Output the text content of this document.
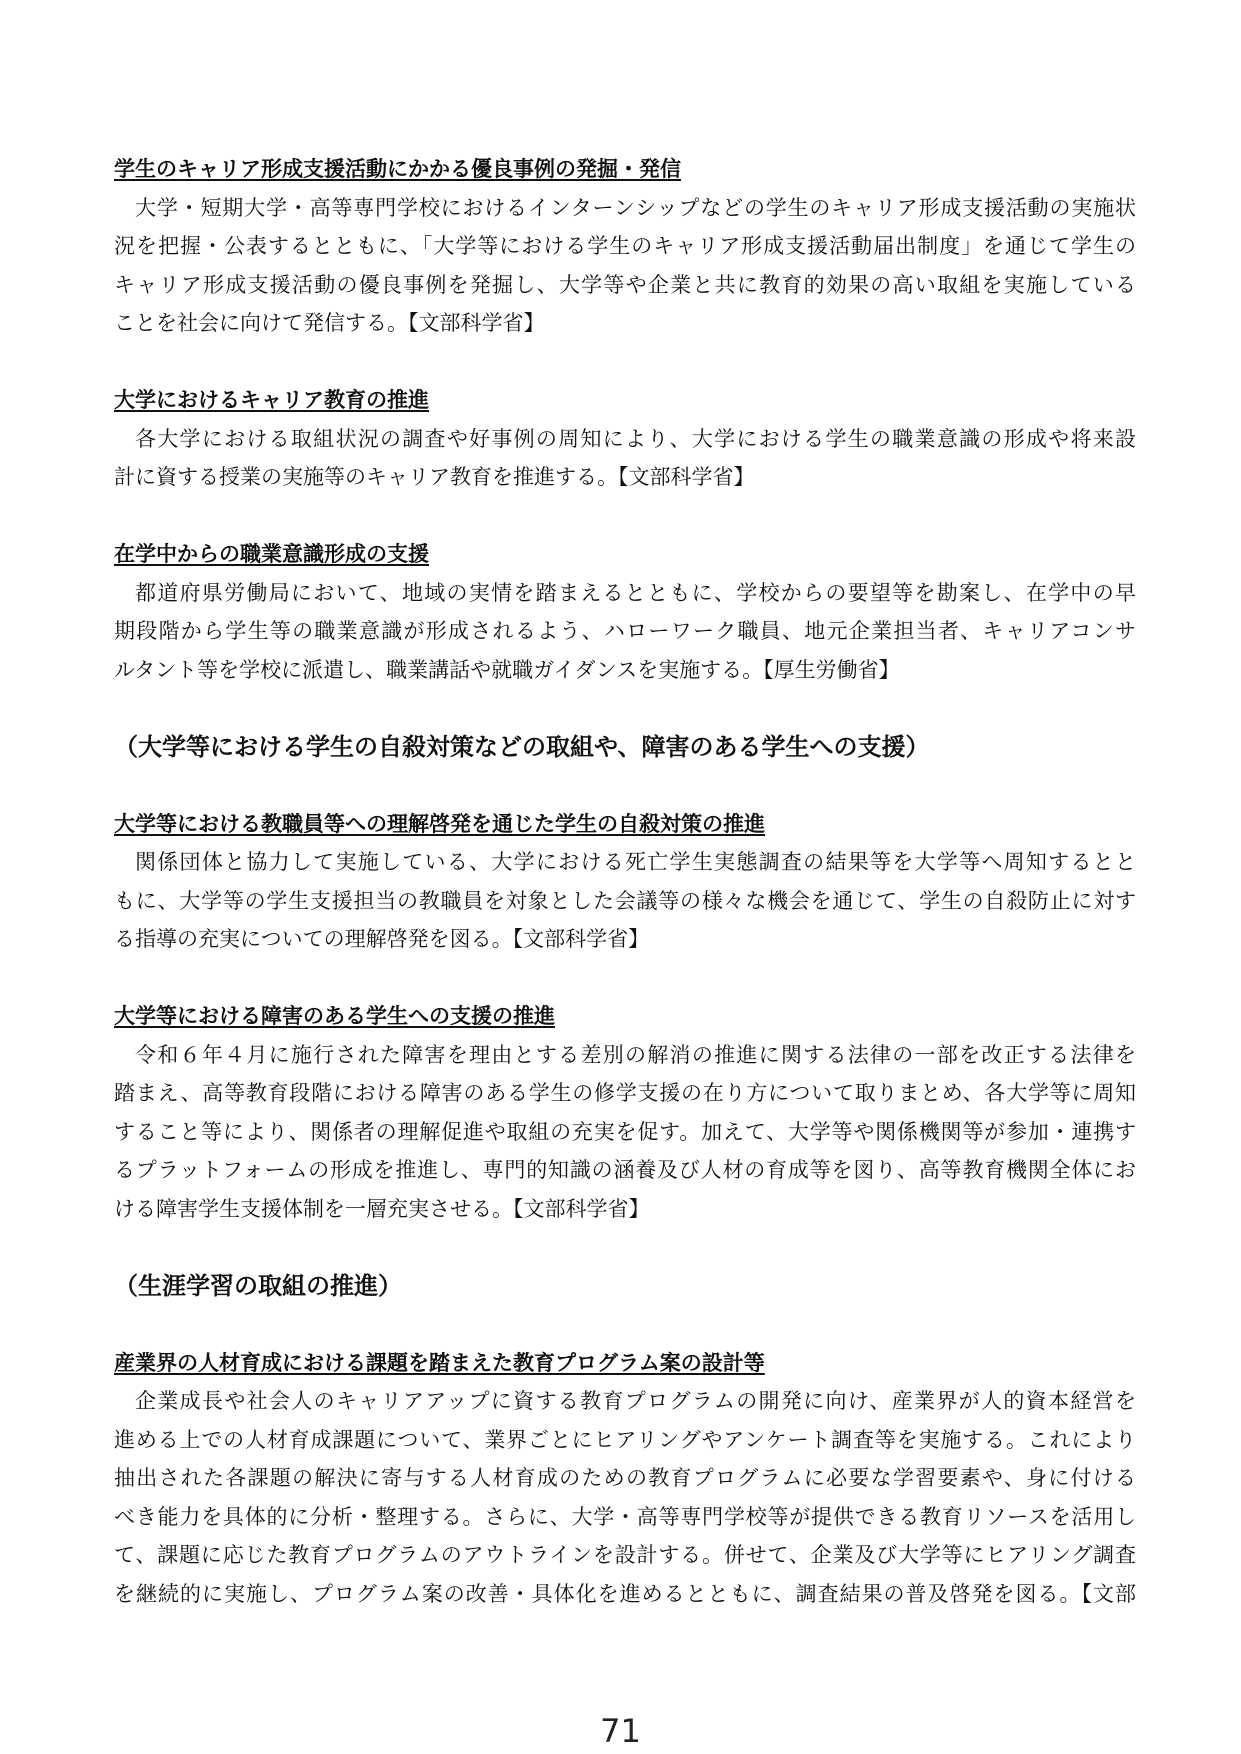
学生のキャリア形成支援活動にかかる優良事例の発掘・発信
大学・短期大学・高等専門学校におけるインターンシップなどの学生のキャリア形成支援活動の実施状
況を把握・公表するとともに、「大学等における学生のキャリア形成支援活動届出制度」を通じて学生の
キャリア形成支援活動の優良事例を発掘し、大学等や企業と共に教育的効果の高い取組を実施している
ことを社会に向けて発信する。【文部科学省】
大学におけるキャリア教育の推進
各大学における取組状況の調査や好事例の周知により、大学における学生の職業意識の形成や将来設
計に資する授業の実施等のキャリア教育を推進する。【文部科学省】
在学中からの職業意識形成の支援
都道府県労働局において、地域の実情を踏まえるとともに、学校からの要望等を勘案し、在学中の早
期段階から学生等の職業意識が形成されるよう、ハローワーク職員、地元企業担当者、キャリアコンサ
ルタント等を学校に派遣し、職業講話や就職ガイダンスを実施する。【厚生労働省】
（大学等における学生の自殺対策などの取組や、障害のある学生への支援）
大学等における教職員等への理解啓発を通じた学生の自殺対策の推進
関係団体と協力して実施している、大学における死亡学生実態調査の結果等を大学等へ周知するとと
もに、大学等の学生支援担当の教職員を対象とした会議等の様々な機会を通じて、学生の自殺防止に対す
る指導の充実についての理解啓発を図る。【文部科学省】
大学等における障害のある学生への支援の推進
令和６年４月に施行された障害を理由とする差別の解消の推進に関する法律の一部を改正する法律を
踏まえ、高等教育段階における障害のある学生の修学支援の在り方について取りまとめ、各大学等に周知
すること等により、関係者の理解促進や取組の充実を促す。加えて、大学等や関係機関等が参加・連携す
るプラットフォームの形成を推進し、専門的知識の涵養及び人材の育成等を図り、高等教育機関全体にお
ける障害学生支援体制を一層充実させる。【文部科学省】
（生涯学習の取組の推進）
産業界の人材育成における課題を踏まえた教育プログラム案の設計等
企業成長や社会人のキャリアアップに資する教育プログラムの開発に向け、産業界が人的資本経営を
進める上での人材育成課題について、業界ごとにヒアリングやアンケート調査等を実施する。これにより
抽出された各課題の解決に寄与する人材育成のための教育プログラムに必要な学習要素や、身に付ける
べき能力を具体的に分析・整理する。さらに、大学・高等専門学校等が提供できる教育リソースを活用し
て、課題に応じた教育プログラムのアウトラインを設計する。併せて、企業及び大学等にヒアリング調査
を継続的に実施し、プログラム案の改善・具体化を進めるとともに、調査結果の普及啓発を図る。【文部
71
